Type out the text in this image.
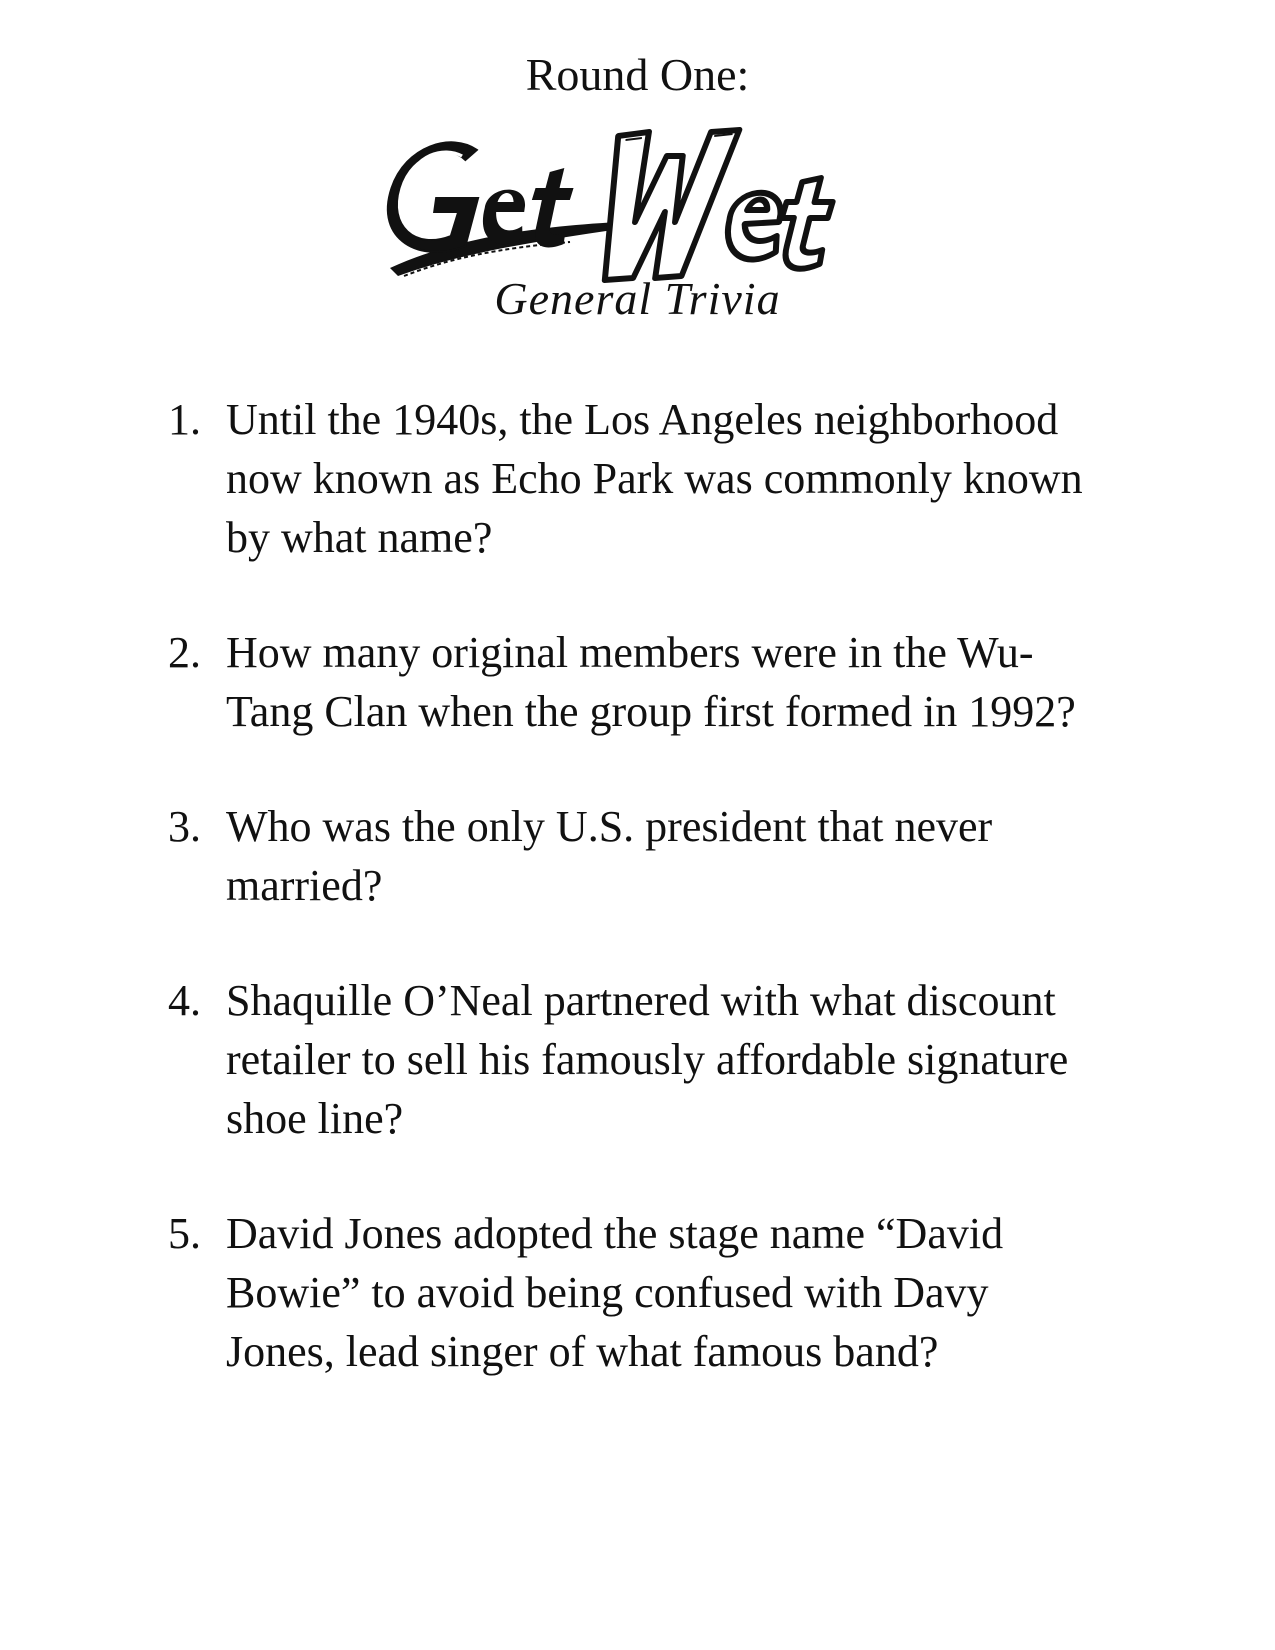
Round One:
General Trivia
1. Until the 1940s, the Los Angeles neighborhood now known as Echo Park was commonly known by what name?
2. How many original members were in the Wu-Tang Clan when the group first formed in 1992?
3. Who was the only U.S. president that never married?
4. Shaquille O’Neal partnered with what discount retailer to sell his famously affordable signature shoe line?
5. David Jones adopted the stage name “David Bowie” to avoid being confused with Davy Jones, lead singer of what famous band?
